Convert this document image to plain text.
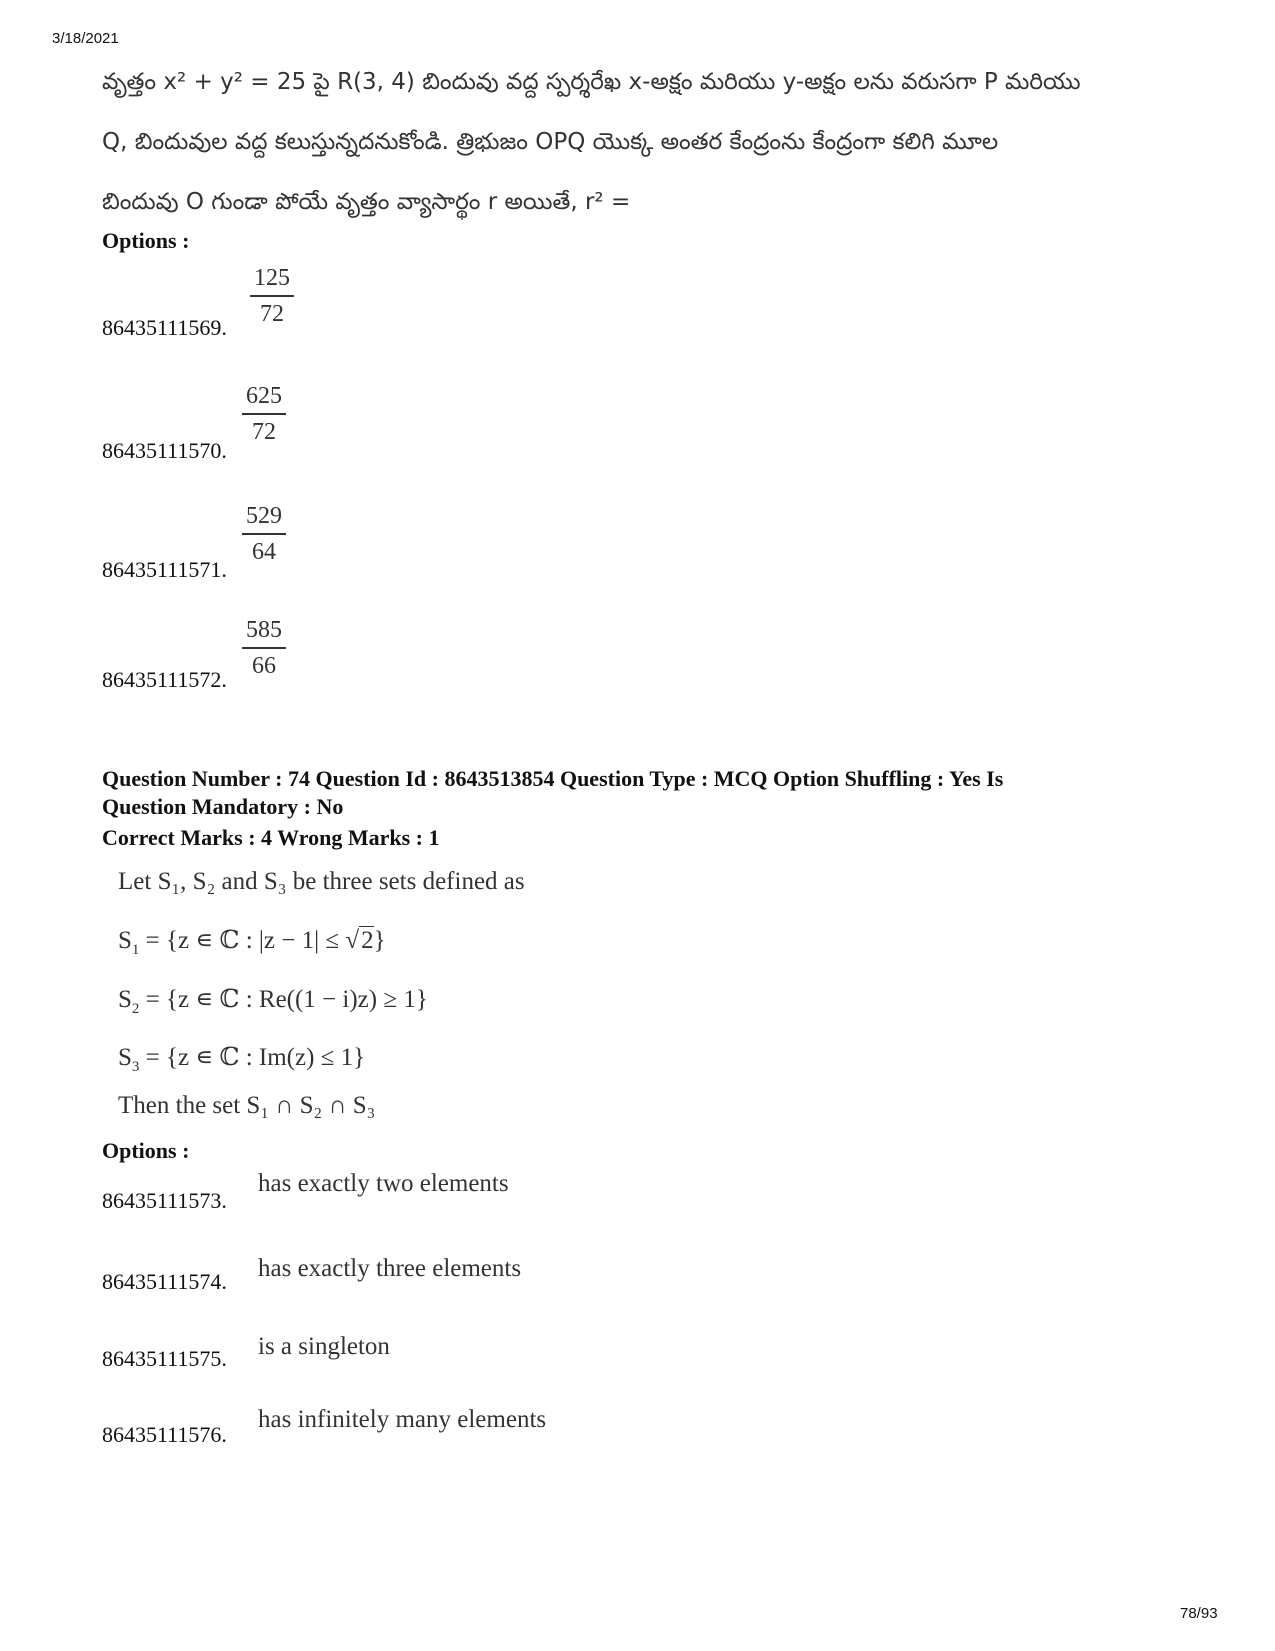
3/18/2021
వృత్తం x² + y² = 25 పై R(3, 4) బిందువు వద్ద స్పర్శరేఖ x-అక్షం మరియు y-అక్షం లను వరుసగా P మరియు
Q, బిందువుల వద్ద కలుస్తున్నదనుకోండి. త్రిభుజం OPQ యొక్క అంతర కేంద్రంను కేంద్రంగా కలిగి మూల
బిందువు O గుండా పోయే వృత్తం వ్యాసార్థం r అయితే, r² =
Options :
86435111569. $\frac{125}{72}$
86435111570.
$\frac{625}{72}$
86435111571.
$\frac{529}{64}$
86435111572. $\frac{585}{66}$
Question Number : 74 Question Id : 8643513854 Question Type : MCQ Option Shuffling : Yes Is
Question Mandatory : No
Correct Marks : 4 Wrong Marks : 1
Let S₁, S₂ and S₃ be three sets defined as
$S_1 = \{z$ ∊ ℂ : |z − 1| ≤ √2}
$S_2 = \{z$ ∊ ℂ : Re((1 − i)z) ≥ 1}
$S_3 = \{z$ ∊ ℂ : Im(z) ≤ 1}
Then the set S₁ ∩ S₂ ∩ S₃
Options :
86435111573.
has exactly two elements
86435111574. has exactly three elements
86435111575. is a singleton
86435111576.
has infinitely many elements
78/93
